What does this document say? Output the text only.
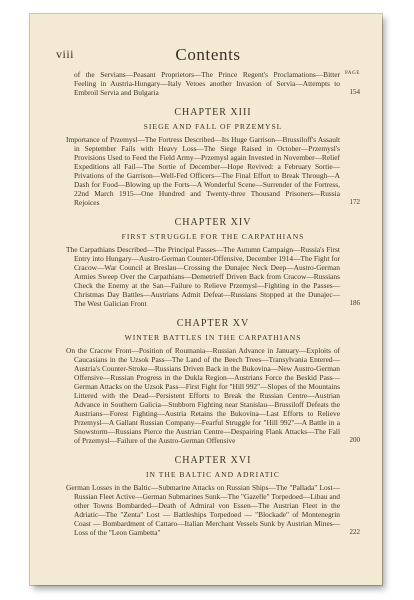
viii	Contents
PAGE
of the Servians—Peasant Proprietors—The Prince Regent's Proclamations—Bitter Feeling in Austria-Hungary—Italy Vetoes another Invasion of Servia—Attempts to Embroil Servia and Bulgaria	154
CHAPTER XIII
SIEGE AND FALL OF PRZEMYSL
Importance of Przemysl—The Fortress Described—Its Huge Garrison—Brussiloff's Assault in September Fails with Heavy Loss—The Siege Raised in October—Przemysl's Provisions Used to Feed the Field Army—Przemysl again Invested in November—Relief Expeditions all Fail—The Sortie of December—Hope Revived: a February Sortie—Privations of the Garrison—Well-Fed Officers—The Final Effort to Break Through—A Dash for Food—Blowing up the Forts—A Wonderful Scene—Surrender of the Fortress, 22nd March 1915—One Hundred and Twenty-three Thousand Prisoners—Russia Rejoices	172
CHAPTER XIV
FIRST STRUGGLE FOR THE CARPATHIANS
The Carpathians Described—The Principal Passes—The Autumn Campaign—Russia's First Entry into Hungary—Austro-German Counter-Offensive, December 1914—The Fight for Cracow—War Council at Breslau—Crossing the Dunajec Neck Deep—Austro-German Armies Sweep Over the Carpathians—Demetrieff Driven Back from Cracow—Russians Check the Enemy at the San—Failure to Relieve Przemysl—Fighting in the Passes—Christmas Day Battles—Austrians Admit Defeat—Russians Stopped at the Dunajec—The West Galician Front	186
CHAPTER XV
WINTER BATTLES IN THE CARPATHIANS
On the Cracow Front—Position of Roumania—Russian Advance in January—Exploits of Caucasians in the Uzsok Pass—The Land of the Beech Trees—Transylvania Entered—Austria's Counter-Stroke—Russians Driven Back in the Bukovina—New Austro-German Offensive—Russian Progress in the Dukla Region—Austrians Force the Beskid Pass—German Attacks on the Uzsok Pass—First Fight for "Hill 992"—Slopes of the Mountains Littered with the Dead—Persistent Efforts to Break the Russian Centre—Austrian Advance in Southern Galicia—Stubborn Fighting near Stanislau—Brussiloff Defeats the Austrians—Forest Fighting—Austria Retains the Bukovina—Last Efforts to Relieve Przemysl—A Gallant Russian Company—Fearful Struggle for "Hill 992"—A Battle in a Snowstorm—Russians Pierce the Austrian Centre—Despairing Flank Attacks—The Fall of Przemysl—Failure of the Austro-German Offensive	200
CHAPTER XVI
IN THE BALTIC AND ADRIATIC
German Losses in the Baltic—Submarine Attacks on Russian Ships—The "Pallada" Lost—Russian Fleet Active—German Submarines Sunk—The "Gazelle" Torpedoed—Libau and other Towns Bombarded—Death of Admiral von Essen—The Austrian Fleet in the Adriatic—The "Zenta" Lost — Battleships Torpedoed — "Blockade" of Montenegrin Coast — Bombardment of Cattaro—Italian Merchant Vessels Sunk by Austrian Mines—Loss of the "Leon Gambetta"	222
